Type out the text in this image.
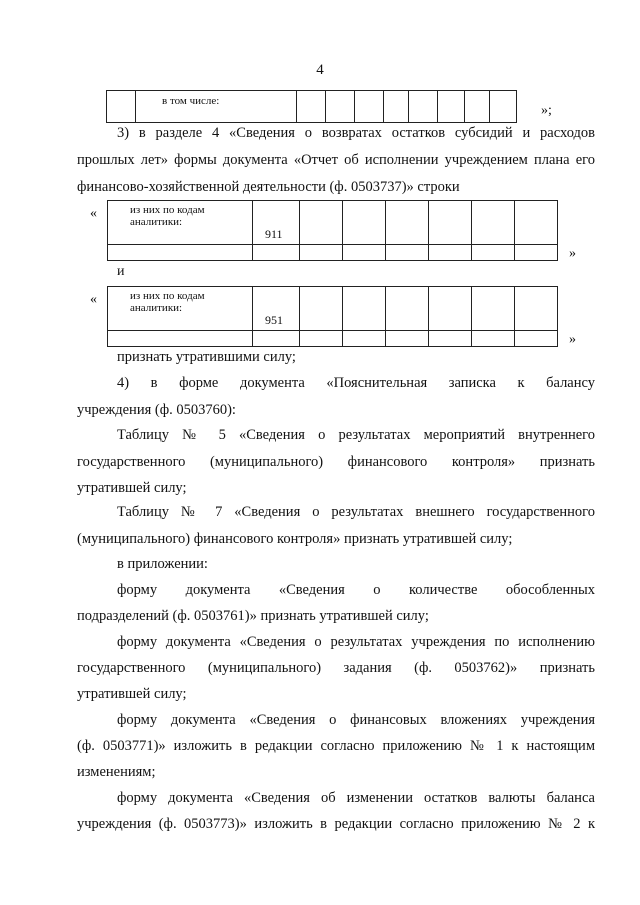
4
	в том числе:								
»;
3) в разделе 4 «Сведения о возвратах остатков субсидий и расходов
прошлых лет» формы документа «Отчет об исполнении учреждением плана его
финансово-хозяйственной деятельности (ф. 0503737)» строки
«	из них по кодам аналитики:	911						

»
и
«	из них по кодам аналитики:	951						

»
признать утратившими силу;
4) в форме документа «Пояснительная записка к балансу
учреждения (ф. 0503760):
Таблицу № 5 «Сведения о результатах мероприятий внутреннего
государственного (муниципального) финансового контроля» признать
утратившей силу;
Таблицу № 7 «Сведения о результатах внешнего государственного
(муниципального) финансового контроля» признать утратившей силу;
в приложении:
форму документа «Сведения о количестве обособленных
подразделений (ф. 0503761)» признать утратившей силу;
форму документа «Сведения о результатах учреждения по исполнению
государственного (муниципального) задания (ф. 0503762)» признать
утратившей силу;
форму документа «Сведения о финансовых вложениях учреждения
(ф. 0503771)» изложить в редакции согласно приложению № 1 к настоящим
изменениям;
форму документа «Сведения об изменении остатков валюты баланса
учреждения (ф. 0503773)» изложить в редакции согласно приложению № 2 к
